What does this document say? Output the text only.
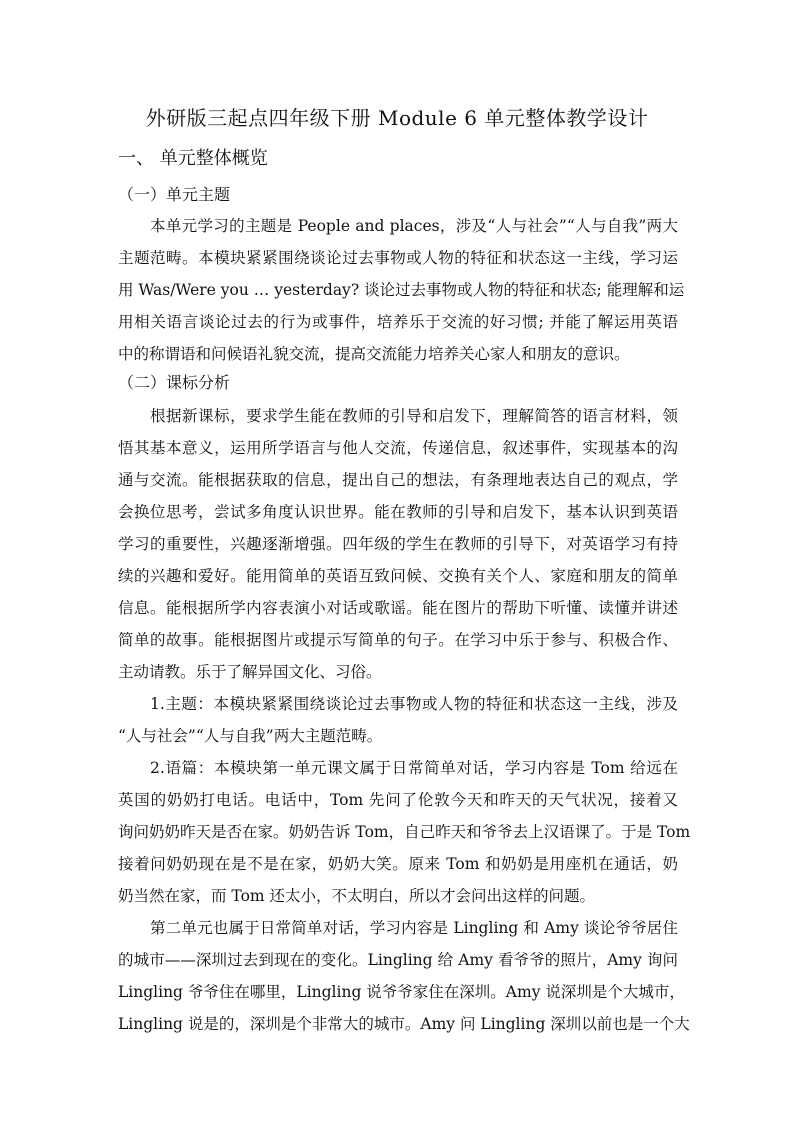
外研版三起点四年级下册 Module 6 单元整体教学设计
一、 单元整体概览
（一）单元主题
本单元学习的主题是 People and places，涉及“人与社会”“人与自我”两大
主题范畴。本模块紧紧围绕谈论过去事物或人物的特征和状态这一主线，学习运
用 Was/Were you … yesterday? 谈论过去事物或人物的特征和状态; 能理解和运
用相关语言谈论过去的行为或事件，培养乐于交流的好习惯; 并能了解运用英语
中的称谓语和问候语礼貌交流，提高交流能力培养关心家人和朋友的意识。
（二）课标分析
根据新课标，要求学生能在教师的引导和启发下，理解简答的语言材料，领
悟其基本意义，运用所学语言与他人交流，传递信息，叙述事件，实现基本的沟
通与交流。能根据获取的信息，提出自己的想法，有条理地表达自己的观点，学
会换位思考，尝试多角度认识世界。能在教师的引导和启发下，基本认识到英语
学习的重要性，兴趣逐渐增强。四年级的学生在教师的引导下，对英语学习有持
续的兴趣和爱好。能用简单的英语互致问候、交换有关个人、家庭和朋友的简单
信息。能根据所学内容表演小对话或歌谣。能在图片的帮助下听懂、读懂并讲述
简单的故事。能根据图片或提示写简单的句子。在学习中乐于参与、积极合作、
主动请教。乐于了解异国文化、习俗。
1.主题：本模块紧紧围绕谈论过去事物或人物的特征和状态这一主线，涉及
“人与社会”“人与自我”两大主题范畴。
2.语篇：本模块第一单元课文属于日常简单对话，学习内容是 Tom 给远在
英国的奶奶打电话。电话中，Tom 先问了伦敦今天和昨天的天气状况，接着又
询问奶奶昨天是否在家。奶奶告诉 Tom，自己昨天和爷爷去上汉语课了。于是 Tom
接着问奶奶现在是不是在家，奶奶大笑。原来 Tom 和奶奶是用座机在通话，奶
奶当然在家，而 Tom 还太小，不太明白，所以才会问出这样的问题。
第二单元也属于日常简单对话，学习内容是 Lingling 和 Amy 谈论爷爷居住
的城市——深圳过去到现在的变化。Lingling 给 Amy 看爷爷的照片，Amy 询问
Lingling 爷爷住在哪里，Lingling 说爷爷家住在深圳。Amy 说深圳是个大城市，
Lingling 说是的，深圳是个非常大的城市。Amy 问 Lingling 深圳以前也是一个大
